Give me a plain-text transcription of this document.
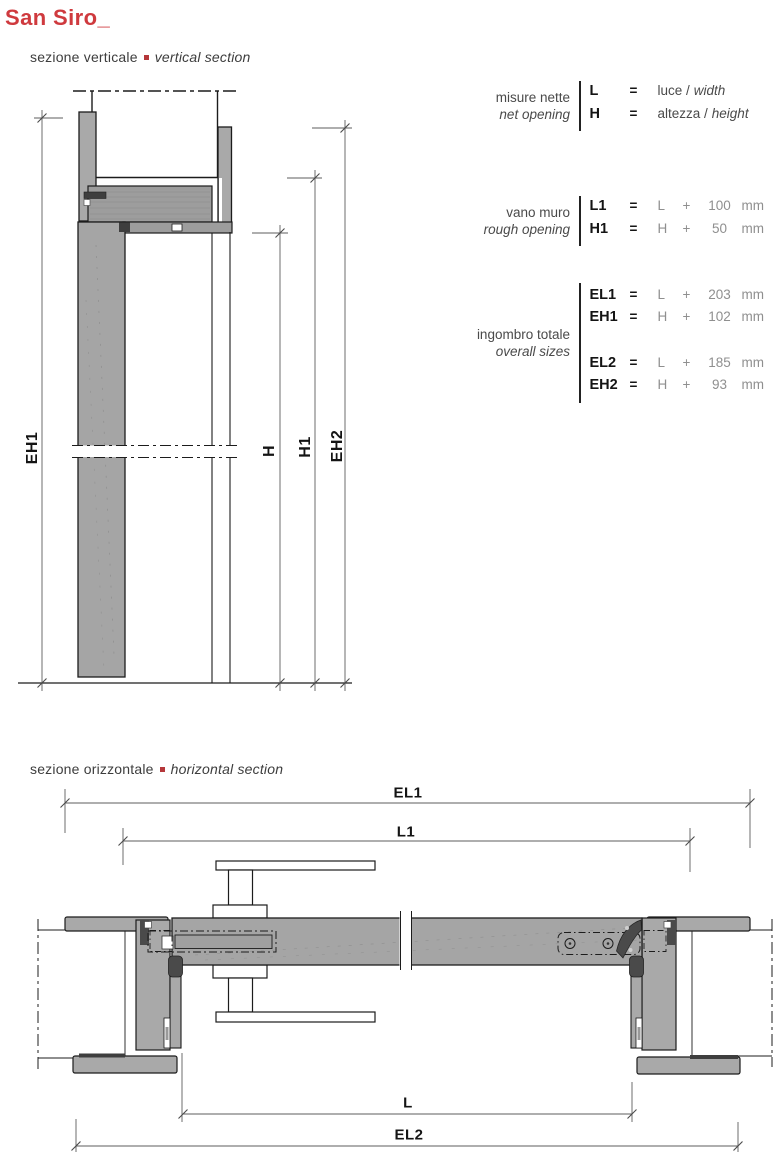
San Siro_
sezione verticale vertical section
sezione orizzontale horizontal section
misure nette
net opening
L	=	luce / width
H	=	altezza / height
vano muro
rough opening
L1	=	L	+	100 mm
H1	=	H	+	50	mm
ingombro totale
overall sizes
EL1 =	L	+	203 mm
EH1 =	H	+	102 mm
EL2 =	L	+	185 mm
EH2 =	H	+	93	mm
EH1	H H1 EH2
EL1
L1
L
EL2
